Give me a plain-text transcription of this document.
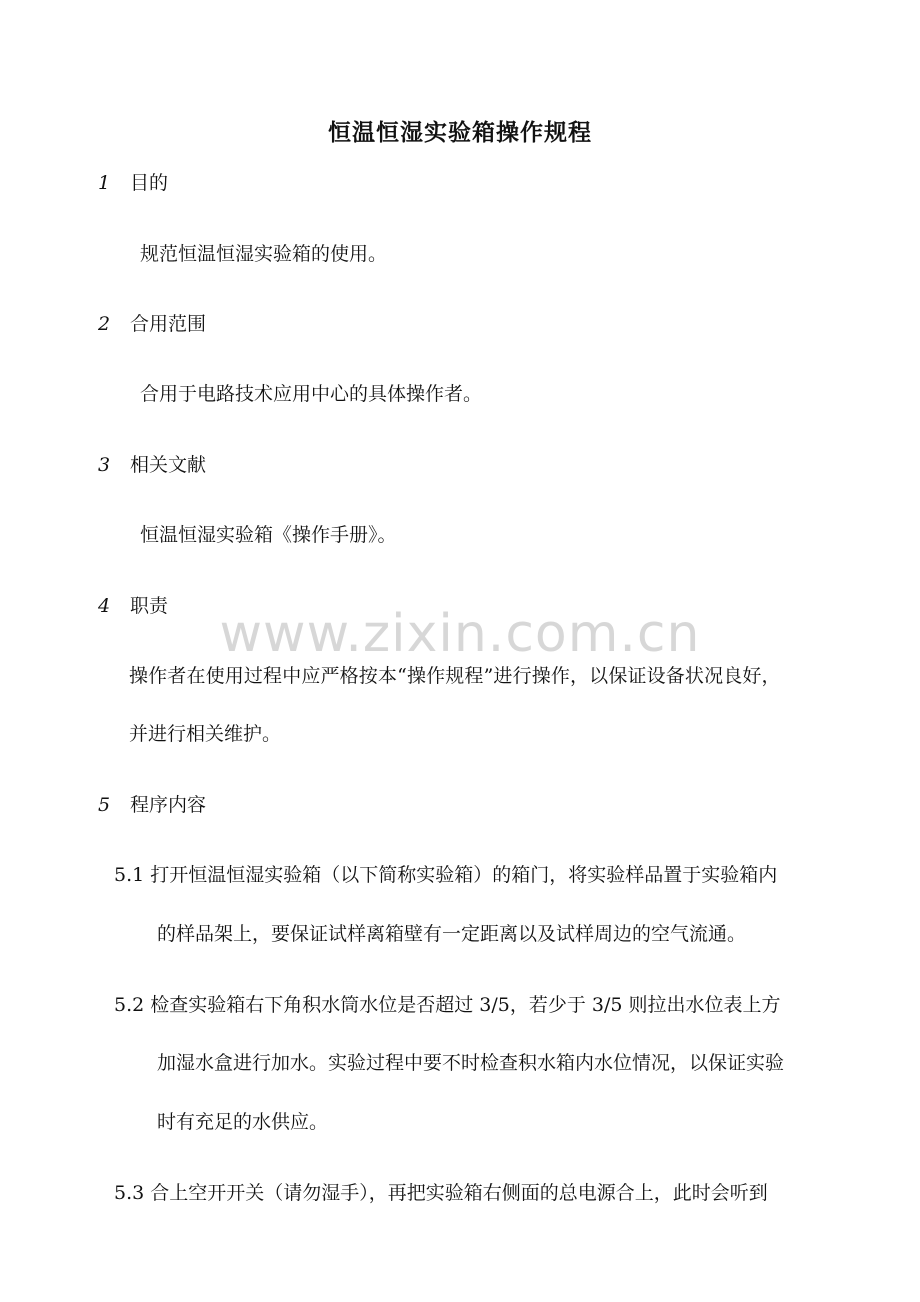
恒温恒湿实验箱操作规程
www.zixin.com.cn
1 目的
规范恒温恒湿实验箱的使用。
2 合用范围
合用于电路技术应用中心的具体操作者。
3 相关文献
恒温恒湿实验箱《操作手册》。
4 职责
操作者在使用过程中应严格按本“操作规程”进行操作，以保证设备状况良好，
并进行相关维护。
5 程序内容
5.1 打开恒温恒湿实验箱（以下简称实验箱）的箱门，将实验样品置于实验箱内
的样品架上，要保证试样离箱壁有一定距离以及试样周边的空气流通。
5.2 检查实验箱右下角积水筒水位是否超过 3/5，若少于 3/5 则拉出水位表上方
加湿水盒进行加水。实验过程中要不时检查积水箱内水位情况，以保证实验
时有充足的水供应。
5.3 合上空开开关（请勿湿手），再把实验箱右侧面的总电源合上，此时会听到
